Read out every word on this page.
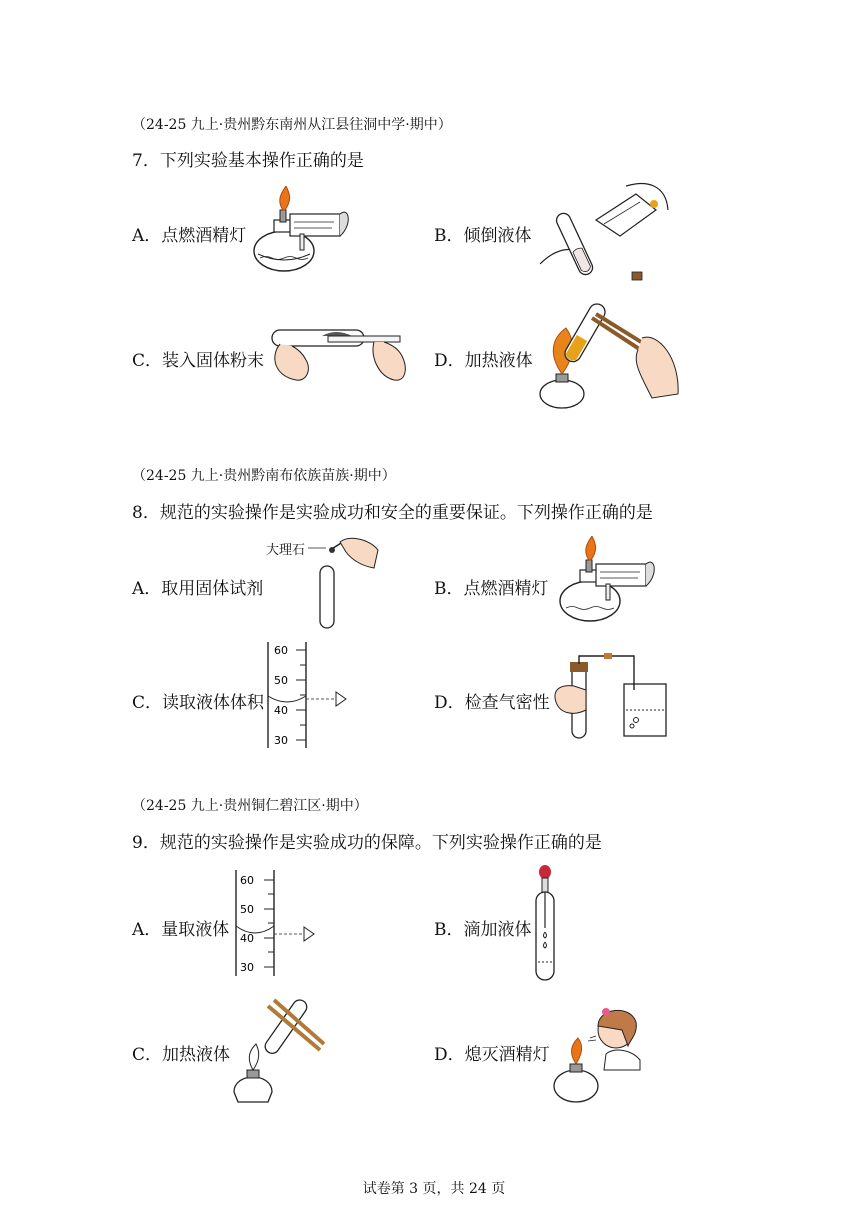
（24-25 九上·贵州黔东南州从江县往洞中学·期中）
7．下列实验基本操作正确的是
A．点燃酒精灯	B．倾倒液体
C．装入固体粉末	D．加热液体
（24-25 九上·贵州黔南布依族苗族·期中）
8．规范的实验操作是实验成功和安全的重要保证。下列操作正确的是
A．取用固体试剂
大理石
B．点燃酒精灯
C．读取液体体积
60
50
40
30
D．检查气密性
（24-25 九上·贵州铜仁碧江区·期中）
9．规范的实验操作是实验成功的保障。下列实验操作正确的是
A．量取液体
60
50
40
30
B．滴加液体
C．加热液体	D．熄灭酒精灯
试卷第 3 页，共 24 页
